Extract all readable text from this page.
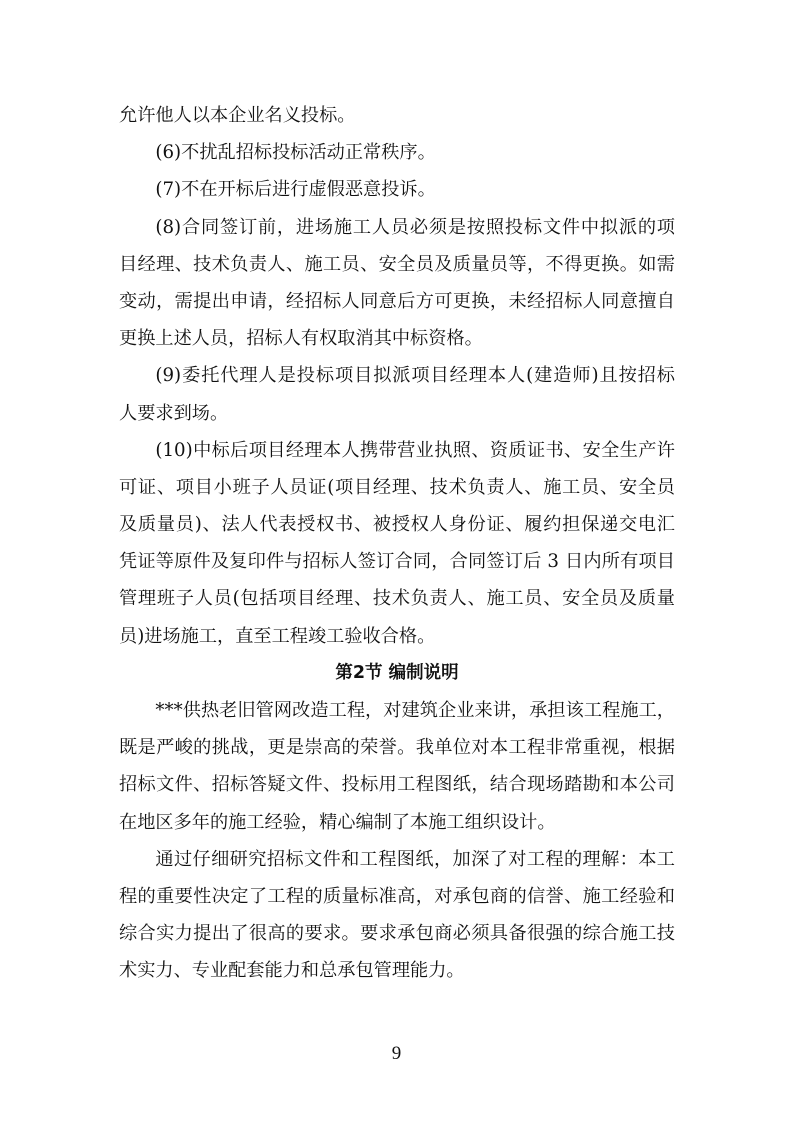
允许他人以本企业名义投标。
(6)不扰乱招标投标活动正常秩序。
(7)不在开标后进行虚假恶意投诉。
(8)合同签订前，进场施工人员必须是按照投标文件中拟派的项
目经理、技术负责人、施工员、安全员及质量员等，不得更换。如需
变动，需提出申请，经招标人同意后方可更换，未经招标人同意擅自
更换上述人员，招标人有权取消其中标资格。
(9)委托代理人是投标项目拟派项目经理本人(建造师)且按招标
人要求到场。
(10)中标后项目经理本人携带营业执照、资质证书、安全生产许
可证、项目小班子人员证(项目经理、技术负责人、施工员、安全员
及质量员)、法人代表授权书、被授权人身份证、履约担保递交电汇
凭证等原件及复印件与招标人签订合同，合同签订后 3 日内所有项目
管理班子人员(包括项目经理、技术负责人、施工员、安全员及质量
员)进场施工，直至工程竣工验收合格。
第2节 编制说明
***供热老旧管网改造工程，对建筑企业来讲，承担该工程施工，
既是严峻的挑战，更是崇高的荣誉。我单位对本工程非常重视，根据
招标文件、招标答疑文件、投标用工程图纸，结合现场踏勘和本公司
在地区多年的施工经验，精心编制了本施工组织设计。
通过仔细研究招标文件和工程图纸，加深了对工程的理解：本工
程的重要性决定了工程的质量标准高，对承包商的信誉、施工经验和
综合实力提出了很高的要求。要求承包商必须具备很强的综合施工技
术实力、专业配套能力和总承包管理能力。
9
